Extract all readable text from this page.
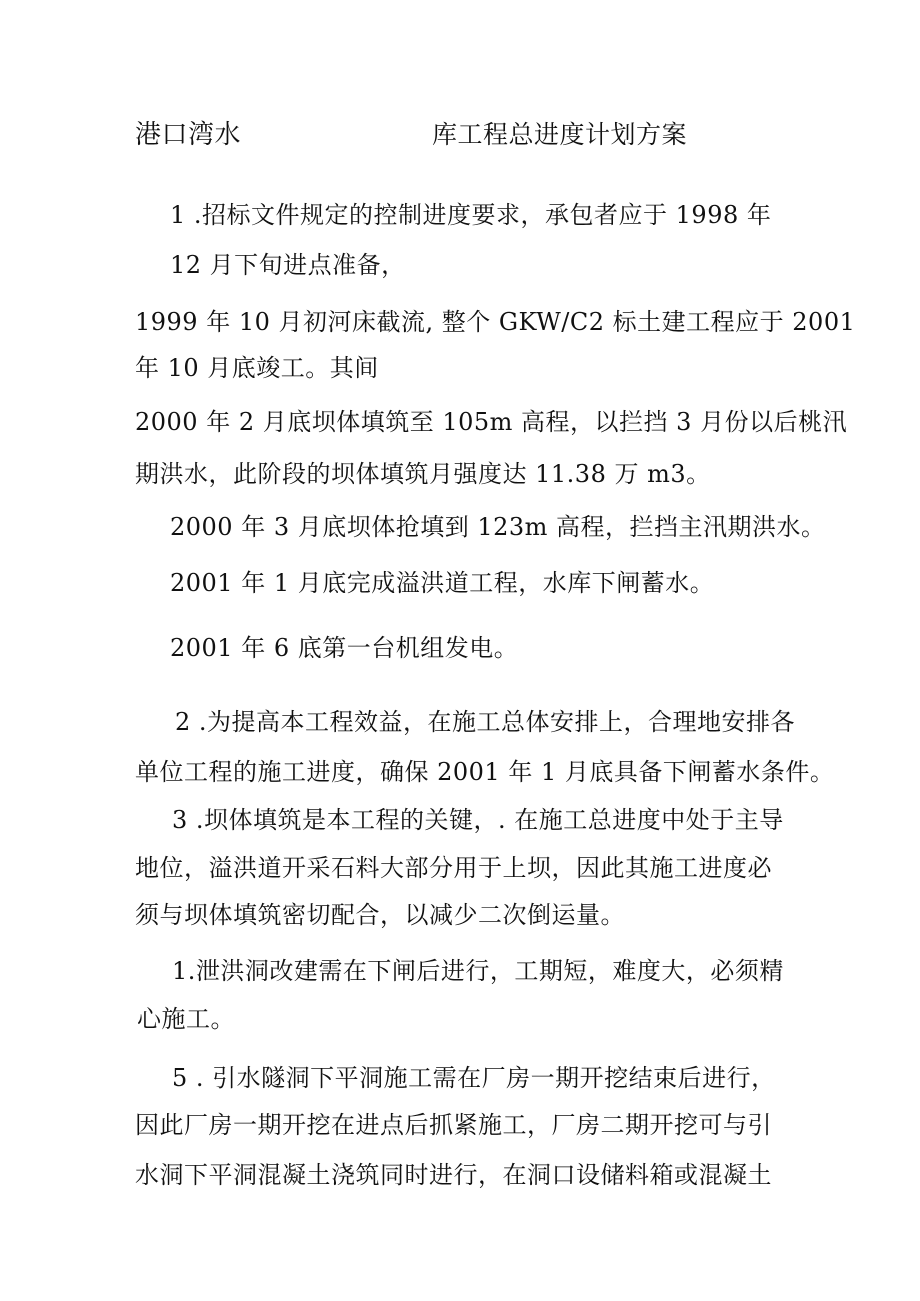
港口湾水	库工程总进度计划方案
1 .招标文件规定的控制进度要求，承包者应于 1998 年
12 月下旬进点准备，
1999 年 10 月初河床截流, 整个 GKW/C2 标土建工程应于 2001
年 10 月底竣工。其间
2000 年 2 月底坝体填筑至 105m 高程，以拦挡 3 月份以后桃汛
期洪水，此阶段的坝体填筑月强度达 11.38 万 m3。
2000 年 3 月底坝体抢填到 123m 高程，拦挡主汛期洪水。
2001 年 1 月底完成溢洪道工程，水库下闸蓄水。
2001 年 6 底第一台机组发电。
2 .为提高本工程效益，在施工总体安排上，合理地安排各
单位工程的施工进度，确保 2001 年 1 月底具备下闸蓄水条件。
3 .坝体填筑是本工程的关键，. 在施工总进度中处于主导
地位，溢洪道开采石料大部分用于上坝，因此其施工进度必
须与坝体填筑密切配合，以减少二次倒运量。
1.泄洪洞改建需在下闸后进行，工期短，难度大，必须精
心施工。
5 . 引水隧洞下平洞施工需在厂房一期开挖结束后进行，
因此厂房一期开挖在进点后抓紧施工，厂房二期开挖可与引
水洞下平洞混凝土浇筑同时进行，在洞口设储料箱或混凝土
